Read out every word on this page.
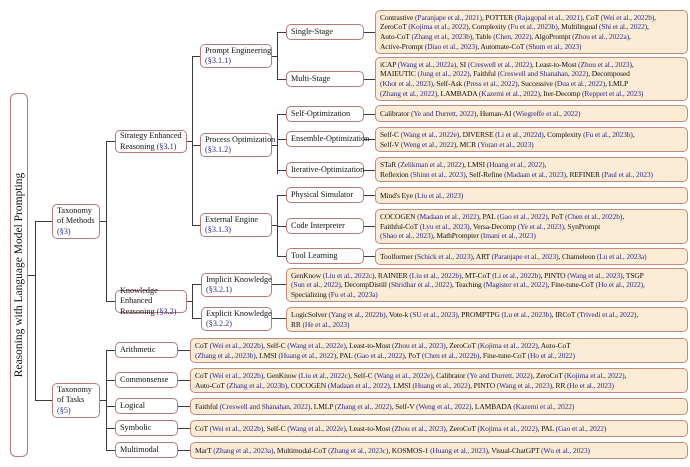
Reasoning with Language Model Prompting	Taxonomy of Methods
(§3)
Taxonomy of Tasks
(§5)
Strategy Enhanced Reasoning (§3.1)
Knowledge Enhanced Reasoning (§3.2)
Prompt Engineering
(§3.1.1)
Process Optimization
(§3.1.2)
External Engine
(§3.1.3)
Implicit Knowledge
(§3.2.1)
Explicit Knowledge
(§3.2.2)
Single-Stage
Multi-Stage
Self-Optimization
Ensemble-Optimization
Iterative-Optimization
Physical Simulator
Code Interpreter
Tool Learning
Arithmetic
Commonsense
Logical
Symbolic
Multimodal
Contrastive (Paranjape et al., 2021), POTTER (Rajagopal et al., 2021), CoT (Wei et al., 2022b),
ZeroCoT (Kojima et al., 2022), Complexity (Fu et al., 2023b), Multilingual (Shi et al., 2022),
Auto-CoT (Zhang et al., 2023b), Table (Chen, 2022), AlgoPrompt (Zhou et al., 2022a),
Active-Prompt (Diao et al., 2023), Automate-CoT (Shum et al., 2023)
iCAP (Wang et al., 2022a), SI (Creswell et al., 2022), Least-to-Most (Zhou et al., 2023),
MAIEUTIC (Jung et al., 2022), Faithful (Creswell and Shanahan, 2022), Decomposed
(Khot et al., 2023), Self-Ask (Press et al., 2022), Successive (Dua et al., 2022), LMLP
(Zhang et al., 2022), LAMBADA (Kazemi et al., 2022), Iter-Decomp (Reppert et al., 2023)
Calibrator (Ye and Durrett, 2022), Human-AI (Wiegreffe et al., 2022)
Self-C (Wang et al., 2022e), DIVERSE (Li et al., 2022d), Complexity (Fu et al., 2023b),
Self-V (Weng et al., 2022), MCR (Yoran et al., 2023)
STaR (Zelikman et al., 2022), LMSI (Huang et al., 2022),
Reflexion (Shinn et al., 2023), Self-Refine (Madaan et al., 2023), REFINER (Paul et al., 2023)
Mind's Eye (Liu et al., 2023)
COCOGEN (Madaan et al., 2022), PAL (Gao et al., 2022), PoT (Chen et al., 2022b),
Faithful-CoT (Lyu et al., 2023), Versa-Decomp (Ye et al., 2023), SynPrompt
(Shao et al., 2023), MathPrompter (Imani et al., 2023)
Toolformer (Schick et al., 2023), ART (Paranjape et al., 2023), Chameleon (Lu et al., 2023a)
GenKnow (Liu et al., 2022c), RAINIER (Liu et al., 2022b), MT-CoT (Li et al., 2022b), PINTO (Wang et al., 2023), TSGP
(Sun et al., 2022), DecompDistill (Shridhar et al., 2022), Teaching (Magister et al., 2022), Fine-tune-CoT (Ho et al., 2022),
Specializing (Fu et al., 2023a)
LogicSolver (Yang et al., 2022b), Vote-k (SU et al., 2023), PROMPTPG (Lu et al., 2023b), IRCoT (Trivedi et al., 2022),
RR (He et al., 2023)
CoT (Wei et al., 2022b), Self-C (Wang et al., 2022e), Least-to-Most (Zhou et al., 2023), ZeroCoT (Kojima et al., 2022), Auto-CoT
(Zhang et al., 2023b), LMSI (Huang et al., 2022), PAL (Gao et al., 2022), PoT (Chen et al., 2022b), Fine-tune-CoT (Ho et al., 2022)
CoT (Wei et al., 2022b), GenKnow (Liu et al., 2022c), Self-C (Wang et al., 2022e), Calibrator (Ye and Durrett, 2022), ZeroCoT (Kojima et al., 2022),
Auto-CoT (Zhang et al., 2023b), COCOGEN (Madaan et al., 2022), LMSI (Huang et al., 2022), PINTO (Wang et al., 2023), RR (He et al., 2023)
Faithful (Creswell and Shanahan, 2022), LMLP (Zhang et al., 2022), Self-V (Weng et al., 2022), LAMBADA (Kazemi et al., 2022)
CoT (Wei et al., 2022b), Self-C (Wang et al., 2022e), Least-to-Most (Zhou et al., 2023), ZeroCoT (Kojima et al., 2022), PAL (Gao et al., 2022)
MarT (Zhang et al., 2023a), Multimodal-CoT (Zhang et al., 2023c), KOSMOS-1 (Huang et al., 2023), Visual-ChatGPT (Wu et al., 2023)
